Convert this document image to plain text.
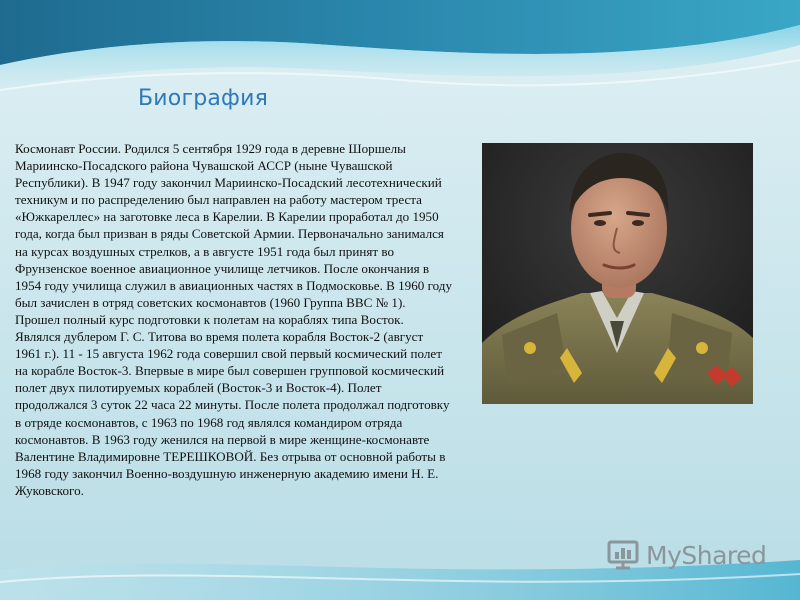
Биография
Космонавт России. Родился 5 сентября 1929 года в деревне Шоршелы Мариинско-Посадского района Чувашской АССР (ныне Чувашской Республики). В 1947 году закончил Мариинско-Посадский лесотехнический техникум и по распределению был направлен на работу мастером треста «Южкареллес» на заготовке леса в Карелии. В Карелии проработал до 1950 года, когда был призван в ряды Советской Армии. Первоначально занимался на курсах воздушных стрелков, а в августе 1951 года был принят во Фрунзенское военное авиационное училище летчиков. После окончания в 1954 году училища служил в авиационных частях в Подмосковье. В 1960 году был зачислен в отряд советских космонавтов (1960 Группа ВВС № 1). Прошел полный курс подготовки к полетам на кораблях типа Восток. Являлся дублером Г. С. Титова во время полета корабля Восток-2 (август 1961 г.). 11 - 15 августа 1962 года совершил свой первый космический полет на корабле Восток-3. Впервые в мире был совершен групповой космический полет двух пилотируемых кораблей (Восток-3 и Восток-4). Полет продолжался 3 суток 22 часа 22 минуты. После полета продолжал подготовку в отряде космонавтов, с 1963 по 1968 год являлся командиром отряда космонавтов. В 1963 году женился на первой в мире женщине-космонавте Валентине Владимировне ТЕРЕШКОВОЙ. Без отрыва от основной работы в 1968 году закончил Военно-воздушную инженерную академию имени Н. Е. Жуковского.
MyShared
